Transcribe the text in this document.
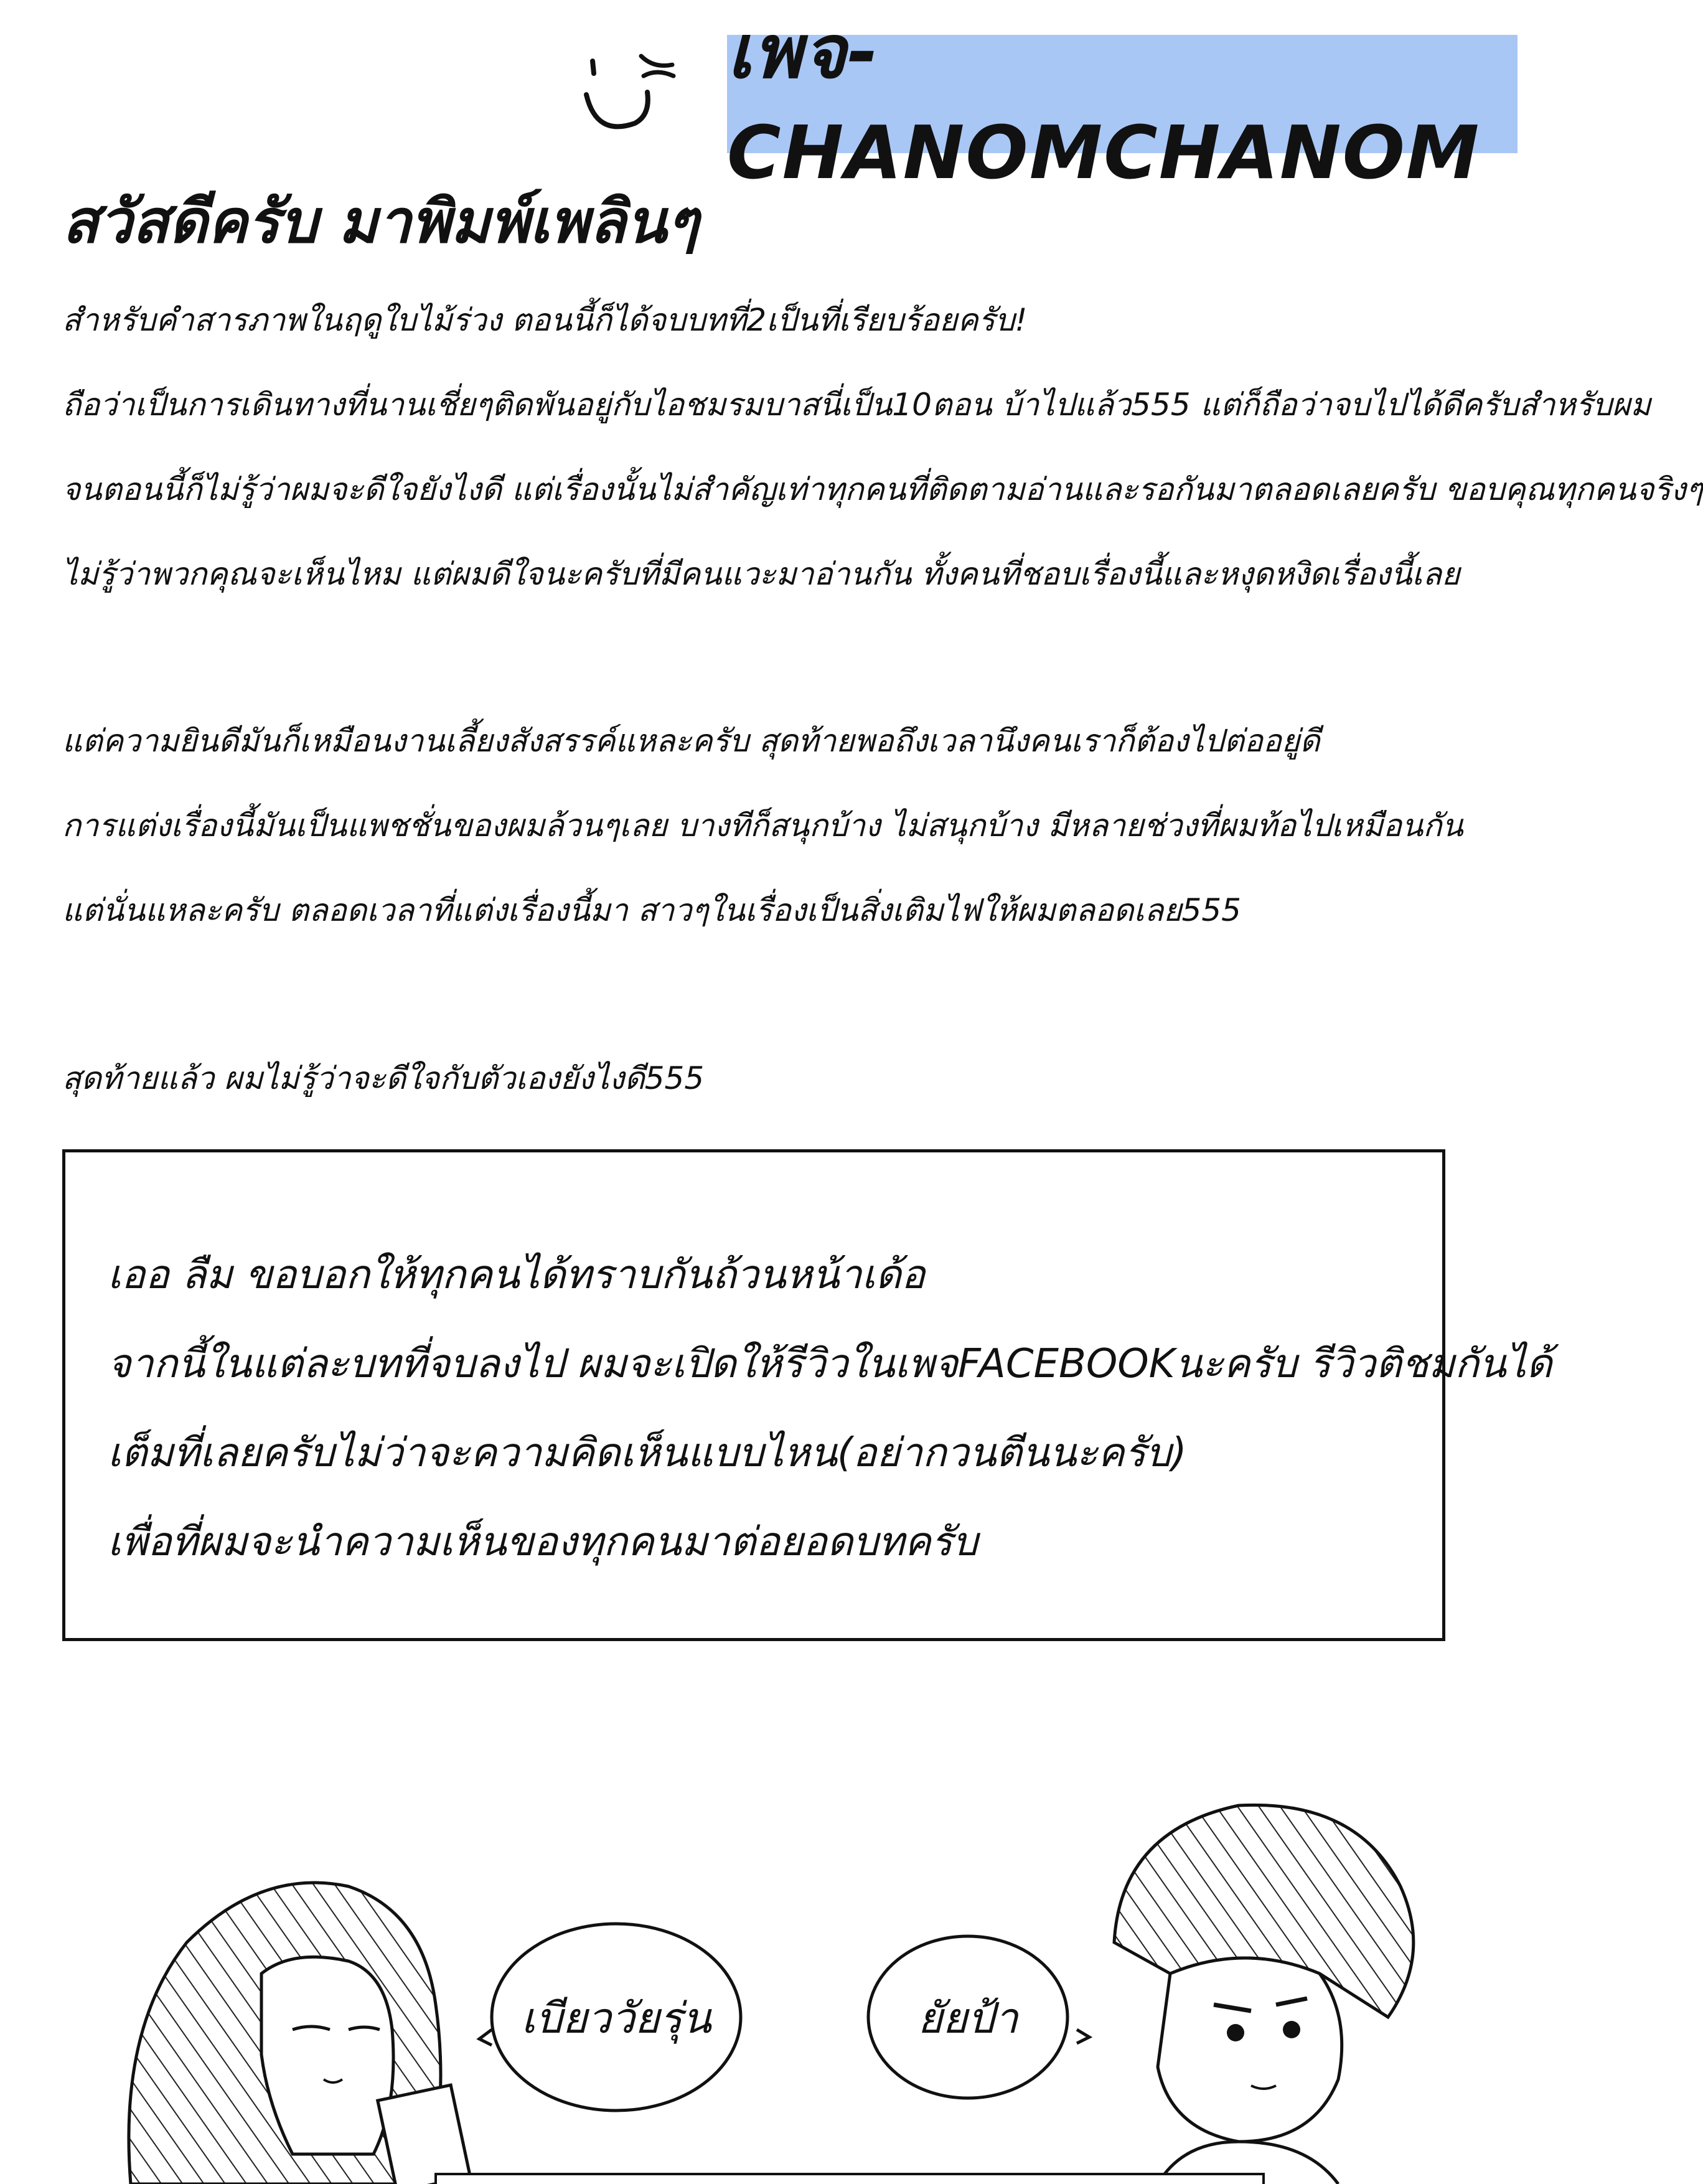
เพจ-CHANOMCHANOM
สวัสดีครับ มาพิมพ์เพลินๆ
สำหรับคำสารภาพในฤดูใบไม้ร่วง ตอนนี้ก็ได้จบบทที่2เป็นที่เรียบร้อยครับ!
ถือว่าเป็นการเดินทางที่นานเชี่ยๆติดพันอยู่กับไอชมรมบาสนี่เป็น10ตอน บ้าไปแล้ว555 แต่ก็ถือว่าจบไปได้ดีครับสำหรับผม
จนตอนนี้ก็ไม่รู้ว่าผมจะดีใจยังไงดี แต่เรื่องนั้นไม่สำคัญเท่าทุกคนที่ติดตามอ่านและรอกันมาตลอดเลยครับ ขอบคุณทุกคนจริงๆ
ไม่รู้ว่าพวกคุณจะเห็นไหม แต่ผมดีใจนะครับที่มีคนแวะมาอ่านกัน ทั้งคนที่ชอบเรื่องนี้และหงุดหงิดเรื่องนี้เลย
แต่ความยินดีมันก็เหมือนงานเลี้ยงสังสรรค์แหละครับ สุดท้ายพอถึงเวลานึงคนเราก็ต้องไปต่ออยู่ดี
การแต่งเรื่องนี้มันเป็นแพชชั่นของผมล้วนๆเลย บางทีก็สนุกบ้าง ไม่สนุกบ้าง มีหลายช่วงที่ผมท้อไปเหมือนกัน
แต่นั่นแหละครับ ตลอดเวลาที่แต่งเรื่องนี้มา สาวๆในเรื่องเป็นสิ่งเติมไฟให้ผมตลอดเลย555
สุดท้ายแล้ว ผมไม่รู้ว่าจะดีใจกับตัวเองยังไงดี555
เออ ลืม ขอบอกให้ทุกคนได้ทราบกันถ้วนหน้าเด้อ
จากนี้ในแต่ละบทที่จบลงไป ผมจะเปิดให้รีวิวในเพจFACEBOOKนะครับ รีวิวติชมกันได้
เต็มที่เลยครับไม่ว่าจะความคิดเห็นแบบไหน(อย่ากวนตีนนะครับ)
เพื่อที่ผมจะนำความเห็นของทุกคนมาต่อยอดบทครับ
เบียววัยรุ่น	ยัยป้า
